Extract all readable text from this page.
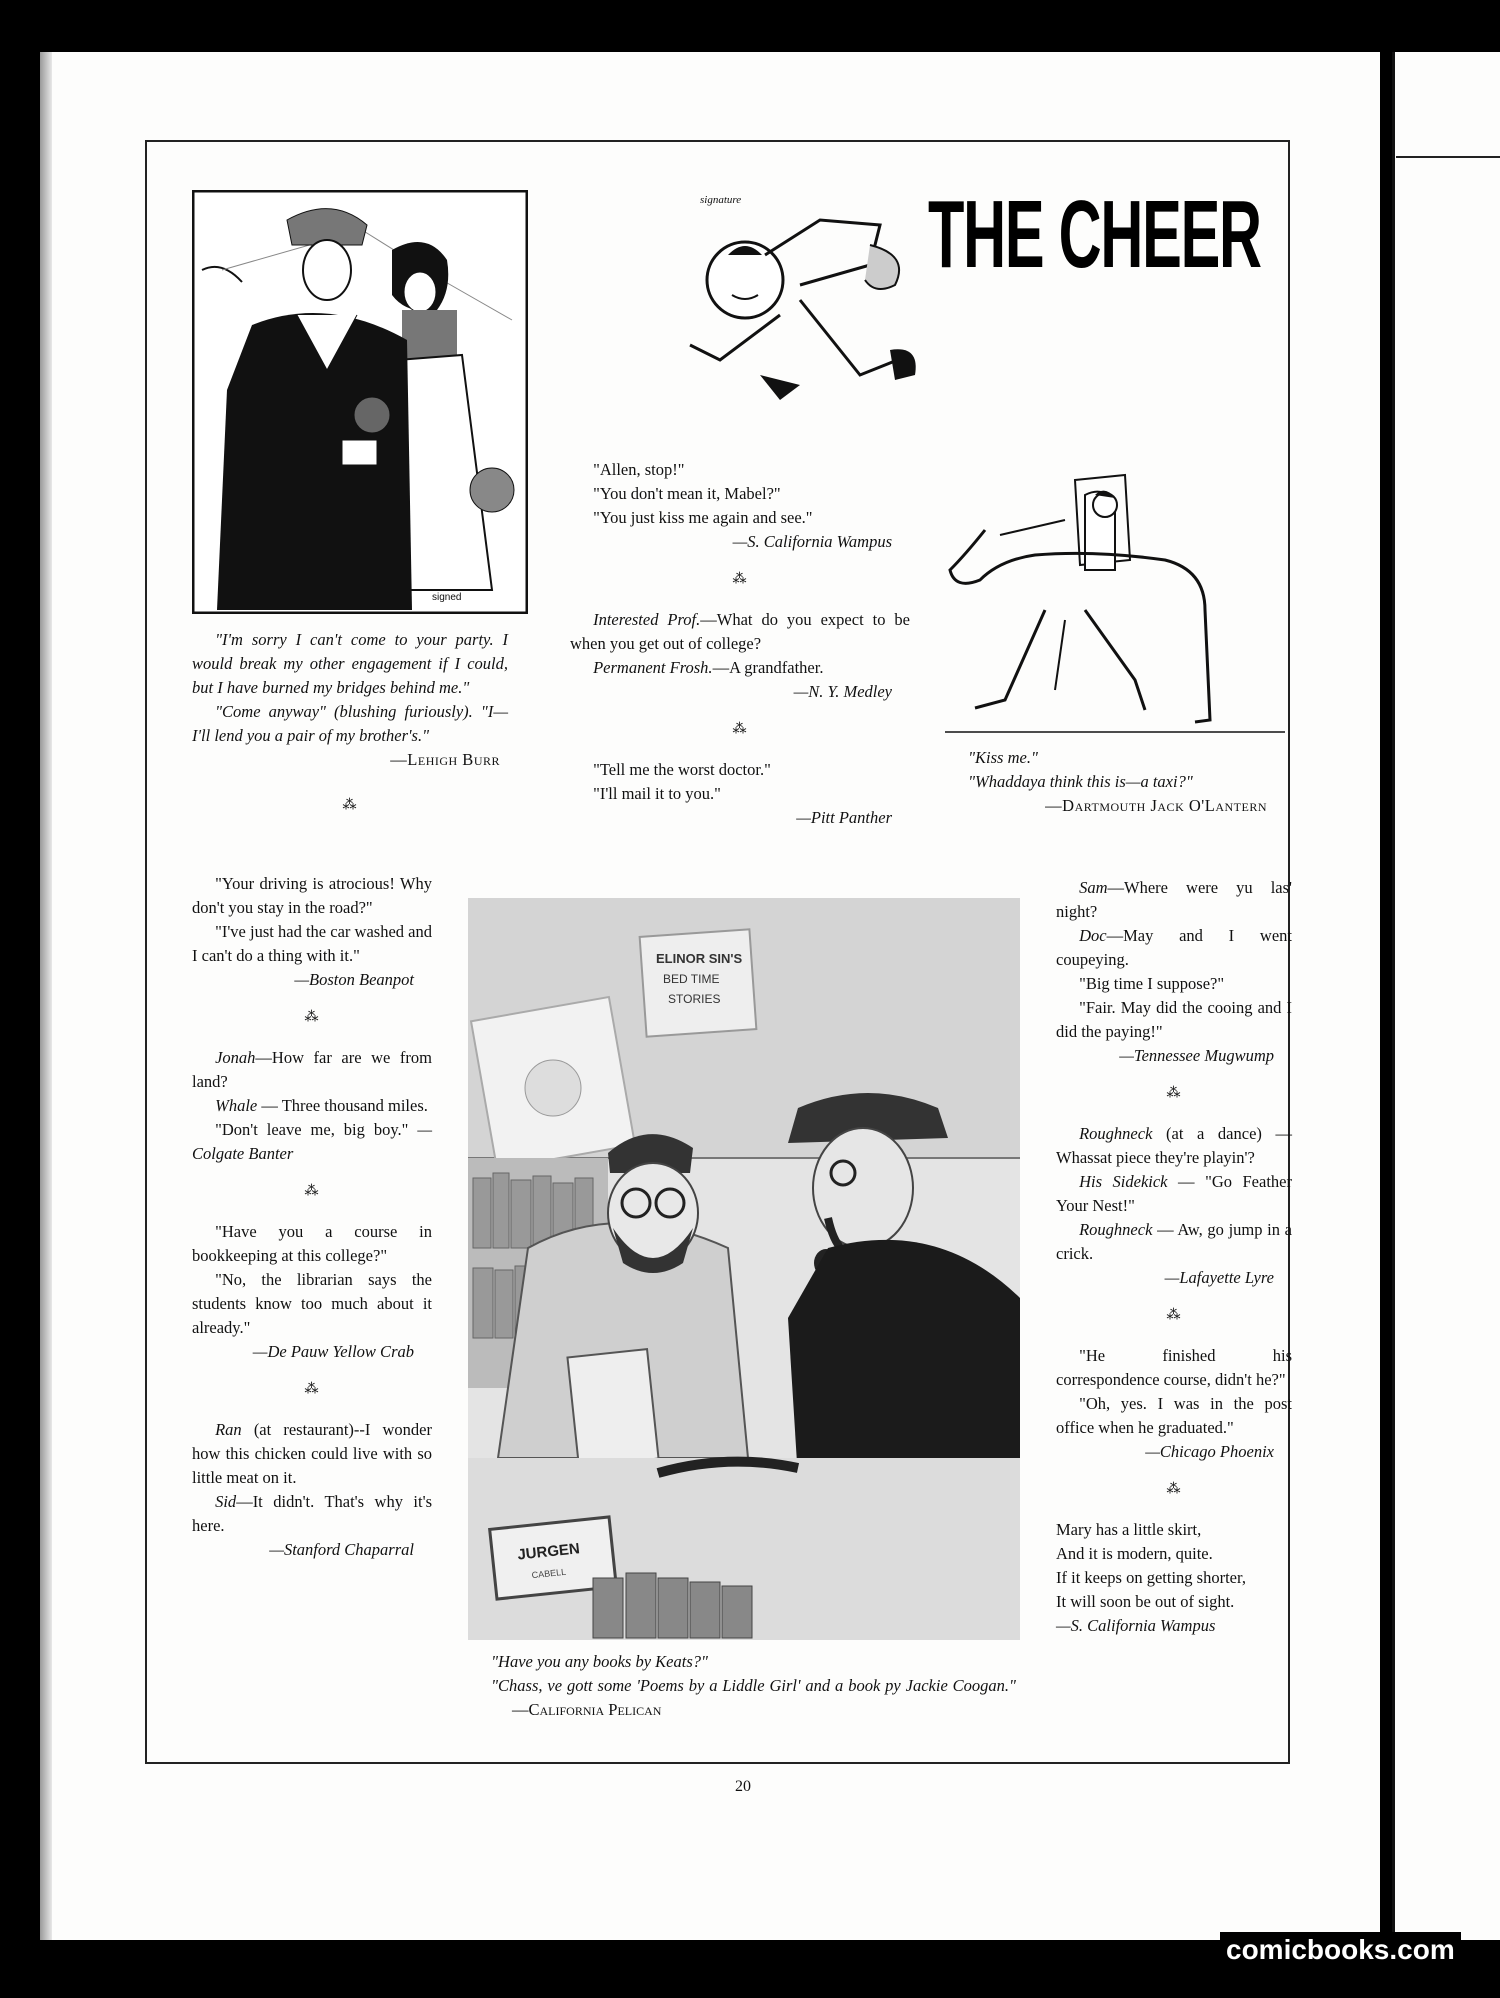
signed
signature THE CHEER

"I'm sorry I can't come to your party. I would break my other engagement if I could, but I have burned my bridges behind me."

"Come anyway" (blushing furiously). "I—I'll lend you a pair of my brother's."

—Lehigh Burr

⁂

"Allen, stop!"

"You don't mean it, Mabel?"

"You just kiss me again and see."

—S. California Wampus

⁂

Interested Prof.—What do you expect to be when you get out of college?

Permanent Frosh.—A grandfather.

—N. Y. Medley

⁂

"Tell me the worst doctor."

"I'll mail it to you."

—Pitt Panther

"Kiss me."

"Whaddaya think this is—a taxi?"

—Dartmouth Jack O'Lantern

"Your driving is atrocious! Why don't you stay in the road?"

"I've just had the car washed and I can't do a thing with it."

—Boston Beanpot

⁂

Jonah—How far are we from land?

Whale — Three thousand miles.

"Don't leave me, big boy." —Colgate Banter

⁂

"Have you a course in bookkeeping at this college?"

"No, the librarian says the students know too much about it already."

—De Pauw Yellow Crab

⁂

Ran (at restaurant)--I wonder how this chicken could live with so little meat on it.

Sid—It didn't. That's why it's here.

—Stanford Chaparral

ELINOR SIN'S
BED TIME
STORIES
JURGEN
CABELL
"Have you any books by Keats?"
"Chass, ve gott some 'Poems by a Liddle Girl' and a book py Jackie Coogan." —California Pelican

Sam—Where were yu las' night?

Doc—May and I went coupeying.

"Big time I suppose?"

"Fair. May did the cooing and I did the paying!"

—Tennessee Mugwump

⁂

Roughneck (at a dance) —Whassat piece they're playin'?

His Sidekick — "Go Feather Your Nest!"

Roughneck — Aw, go jump in a crick.

—Lafayette Lyre

⁂

"He finished his correspondence course, didn't he?"

"Oh, yes. I was in the post office when he graduated."

—Chicago Phoenix

⁂

Mary has a little skirt,

And it is modern, quite.

If it keeps on getting shorter,

It will soon be out of sight.

—S. California Wampus

20
comicbooks.com
